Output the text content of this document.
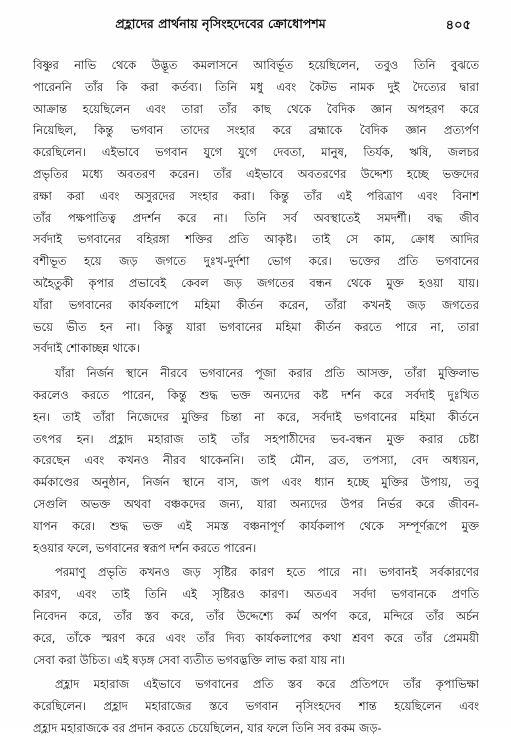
প্রহ্লাদের প্রার্থনায় নৃসিংহদেবের ক্রোধোপশম	৪০৫
বিষ্ণুর নাভি থেকে উদ্ভূত কমলাসনে আবির্ভূত হয়েছিলেন, তবুও তিনি বুঝতে
পারেননি তাঁর কি করা কর্তব্য। তিনি মধু এবং কৈটভ নামক দুই দৈত্যের দ্বারা
আক্রান্ত হয়েছিলেন এবং তারা তাঁর কাছ থেকে বৈদিক জ্ঞান অপহরণ করে
নিয়েছিল, কিন্তু ভগবান তাদের সংহার করে ব্রহ্মাকে বৈদিক জ্ঞান প্রত্যর্পণ
করেছিলেন। এইভাবে ভগবান যুগে যুগে দেবতা, মানুষ, তির্যক, ঋষি, জলচর
প্রভৃতির মধ্যে অবতরণ করেন। তাঁর এইভাবে অবতরণের উদ্দেশ্য হচ্ছে ভক্তদের
রক্ষা করা এবং অসুরদের সংহার করা। কিন্তু তাঁর এই পরিত্রাণ এবং বিনাশ
তাঁর পক্ষপাতিত্ব প্রদর্শন করে না। তিনি সর্ব অবস্থাতেই সমদর্শী। বদ্ধ জীব
সর্বদাই ভগবানের বহিরঙ্গা শক্তির প্রতি আকৃষ্ট। তাই সে কাম, ক্রোধ আদির
বশীভূত হয়ে জড় জগতে দুঃখ-দুর্দশা ভোগ করে। ভক্তের প্রতি ভগবানের
অহৈতুকী কৃপার প্রভাবেই কেবল জড় জগতের বন্ধন থেকে মুক্ত হওয়া যায়।
যাঁরা ভগবানের কার্যকলাপে মহিমা কীর্তন করেন, তাঁরা কখনই জড় জগতের
ভয়ে ভীত হন না। কিন্তু যারা ভগবানের মহিমা কীর্তন করতে পারে না, তারা
সর্বদাই শোকাচ্ছন্ন থাকে।
যাঁরা নির্জন স্থানে নীরবে ভগবানের পূজা করার প্রতি আসক্ত, তাঁরা মুক্তিলাভ
করলেও করতে পারেন, কিন্তু শুদ্ধ ভক্ত অন্যদের কষ্ট দর্শন করে সর্বদাই দুঃখিত
হন। তাই তাঁরা নিজেদের মুক্তির চিন্তা না করে, সর্বদাই ভগবানের মহিমা কীর্তনে
তৎপর হন। প্রহ্লাদ মহারাজ তাই তাঁর সহপাঠীদের ভব-বন্ধন মুক্ত করার চেষ্টা
করেছেন এবং কখনও নীরব থাকেননি। তাই মৌন, ব্রত, তপস্যা, বেদ অধ্যয়ন,
কর্মকাণ্ডের অনুষ্ঠান, নির্জন স্থানে বাস, জপ এবং ধ্যান হচ্ছে মুক্তির উপায়, তবু
সেগুলি অভক্ত অথবা বঞ্চকদের জন্য, যারা অন্যদের উপর নির্ভর করে জীবন-
যাপন করে। শুদ্ধ ভক্ত এই সমস্ত বঞ্চনাপূর্ণ কার্যকলাপ থেকে সম্পূর্ণরূপে মুক্ত
হওয়ার ফলে, ভগবানের স্বরূপ দর্শন করতে পারেন।
পরমাণু প্রভৃতি কখনও জড় সৃষ্টির কারণ হতে পারে না। ভগবানই সর্বকারণের
কারণ, এবং তাই তিনি এই সৃষ্টিরও কারণ। অতএব সর্বদা ভগবানকে প্রণতি
নিবেদন করে, তাঁর স্তব করে, তাঁর উদ্দেশ্যে কর্ম অর্পণ করে, মন্দিরে তাঁর অর্চন
করে, তাঁকে স্মরণ করে এবং তাঁর দিব্য কার্যকলাপের কথা শ্রবণ করে তাঁর প্রেমময়ী
সেবা করা উচিত। এই ষড়ঙ্গ সেবা ব্যতীত ভগবদ্ভক্তি লাভ করা যায় না।
প্রহ্লাদ মহারাজ এইভাবে ভগবানের প্রতি স্তব করে প্রতিপদে তাঁর কৃপাভিক্ষা
করেছিলেন। প্রহ্লাদ মহারাজের স্তবে ভগবান নৃসিংহদেব শান্ত হয়েছিলেন এবং
প্রহ্লাদ মহারাজকে বর প্রদান করতে চেয়েছিলেন, যার ফলে তিনি সব রকম জড়-
